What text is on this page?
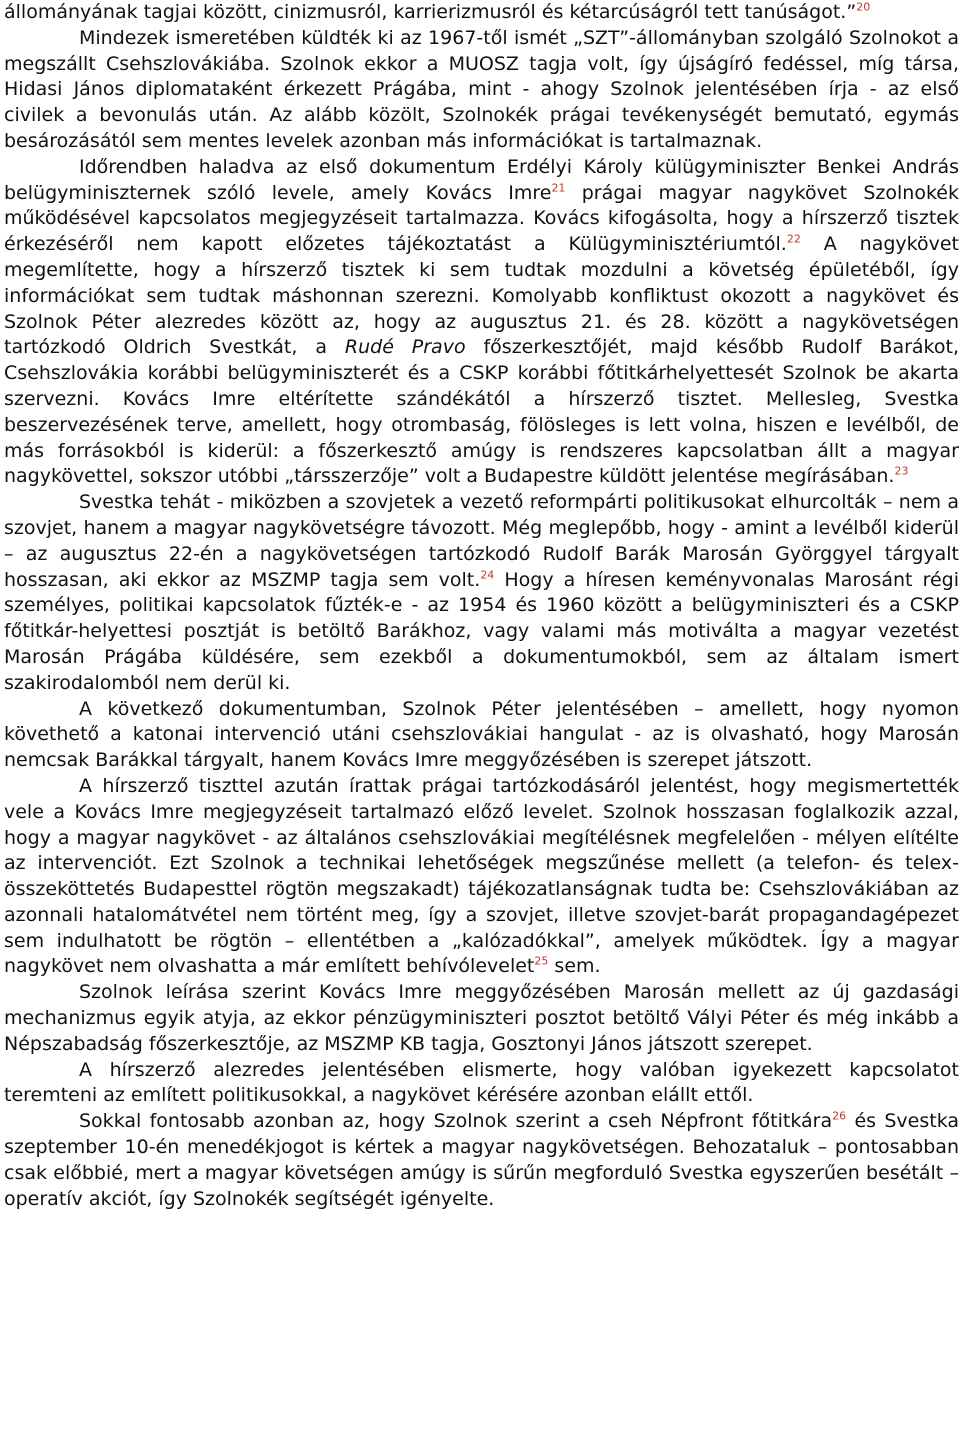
állományának tagjai között, cinizmusról, karrierizmusról és kétarcúságról tett tanúságot.”$^{20}$

Mindezek ismeretében küldték ki az 1967-től ismét „SZT”-állományban szolgáló Szolnokot a megszállt Csehszlovákiába. Szolnok ekkor a MUOSZ tagja volt, így újságíró fedéssel, míg társa, Hidasi János diplomataként érkezett Prágába, mint - ahogy Szolnok jelentésében írja - az első civilek a bevonulás után. Az alább közölt, Szolnokék prágai tevékenységét bemutató, egymás besározásától sem mentes levelek azonban más információkat is tartalmaznak.

Időrendben haladva az első dokumentum Erdélyi Károly külügyminiszter Benkei András belügyminiszternek szóló levele, amely Kovács Imre$^{21}$ prágai magyar nagykövet Szolnokék működésével kapcsolatos megjegyzéseit tartalmazza. Kovács kifogásolta, hogy a hírszerző tisztek érkezéséről nem kapott előzetes tájékoztatást a Külügyminisztériumtól.$^{22}$ A nagykövet megemlítette, hogy a hírszerző tisztek ki sem tudtak mozdulni a követség épületéből, így információkat sem tudtak máshonnan szerezni. Komolyabb konfliktust okozott a nagykövet és Szolnok Péter alezredes között az, hogy az augusztus 21. és 28. között a nagykövetségen tartózkodó Oldrich Svestkát, a Rudé Pravo főszerkesztőjét, majd később Rudolf Barákot, Csehszlovákia korábbi belügyminiszterét és a CSKP korábbi főtitkárhelyettesét Szolnok be akarta szervezni. Kovács Imre eltérítette szándékától a hírszerző tisztet. Mellesleg, Svestka beszervezésének terve, amellett, hogy otrombaság, fölösleges is lett volna, hiszen e levélből, de más forrásokból is kiderül: a főszerkesztő amúgy is rendszeres kapcsolatban állt a magyar nagykövettel, sokszor utóbbi „társszerzője” volt a Budapestre küldött jelentése megírásában.$^{23}$

Svestka tehát - miközben a szovjetek a vezető reformpárti politikusokat elhurcolták – nem a szovjet, hanem a magyar nagykövetségre távozott. Még meglepőbb, hogy - amint a levélből kiderül – az augusztus 22-én a nagykövetségen tartózkodó Rudolf Barák Marosán Györggyel tárgyalt hosszasan, aki ekkor az MSZMP tagja sem volt.$^{24}$ Hogy a híresen keményvonalas Marosánt régi személyes, politikai kapcsolatok fűzték-e - az 1954 és 1960 között a belügyminiszteri és a CSKP főtitkár-helyettesi posztját is betöltő Barákhoz, vagy valami más motiválta a magyar vezetést Marosán Prágába küldésére, sem ezekből a dokumentumokból, sem az általam ismert szakirodalomból nem derül ki.

A következő dokumentumban, Szolnok Péter jelentésében – amellett, hogy nyomon követhető a katonai intervenció utáni csehszlovákiai hangulat - az is olvasható, hogy Marosán nemcsak Barákkal tárgyalt, hanem Kovács Imre meggyőzésében is szerepet játszott.

A hírszerző tiszttel azután írattak prágai tartózkodásáról jelentést, hogy megismertették vele a Kovács Imre megjegyzéseit tartalmazó előző levelet. Szolnok hosszasan foglalkozik azzal, hogy a magyar nagykövet - az általános csehszlovákiai megítélésnek megfelelően - mélyen elítélte az intervenciót. Ezt Szolnok a technikai lehetőségek megszűnése mellett (a telefon- és telex-összeköttetés Budapesttel rögtön megszakadt) tájékozatlanságnak tudta be: Csehszlovákiában az azonnali hatalomátvétel nem történt meg, így a szovjet, illetve szovjet-barát propagandagépezet sem indulhatott be rögtön – ellentétben a „kalózadókkal”, amelyek működtek. Így a magyar nagykövet nem olvashatta a már említett behívólevelet$^{25}$ sem.

Szolnok leírása szerint Kovács Imre meggyőzésében Marosán mellett az új gazdasági mechanizmus egyik atyja, az ekkor pénzügyminiszteri posztot betöltő Vályi Péter és még inkább a Népszabadság főszerkesztője, az MSZMP KB tagja, Gosztonyi János játszott szerepet.

A hírszerző alezredes jelentésében elismerte, hogy valóban igyekezett kapcsolatot teremteni az említett politikusokkal, a nagykövet kérésére azonban elállt ettől.

Sokkal fontosabb azonban az, hogy Szolnok szerint a cseh Népfront főtitkára$^{26}$ és Svestka szeptember 10-én menedékjogot is kértek a magyar nagykövetségen. Behozataluk – pontosabban csak előbbié, mert a magyar követségen amúgy is sűrűn megforduló Svestka egyszerűen besétált – operatív akciót, így Szolnokék segítségét igényelte.
